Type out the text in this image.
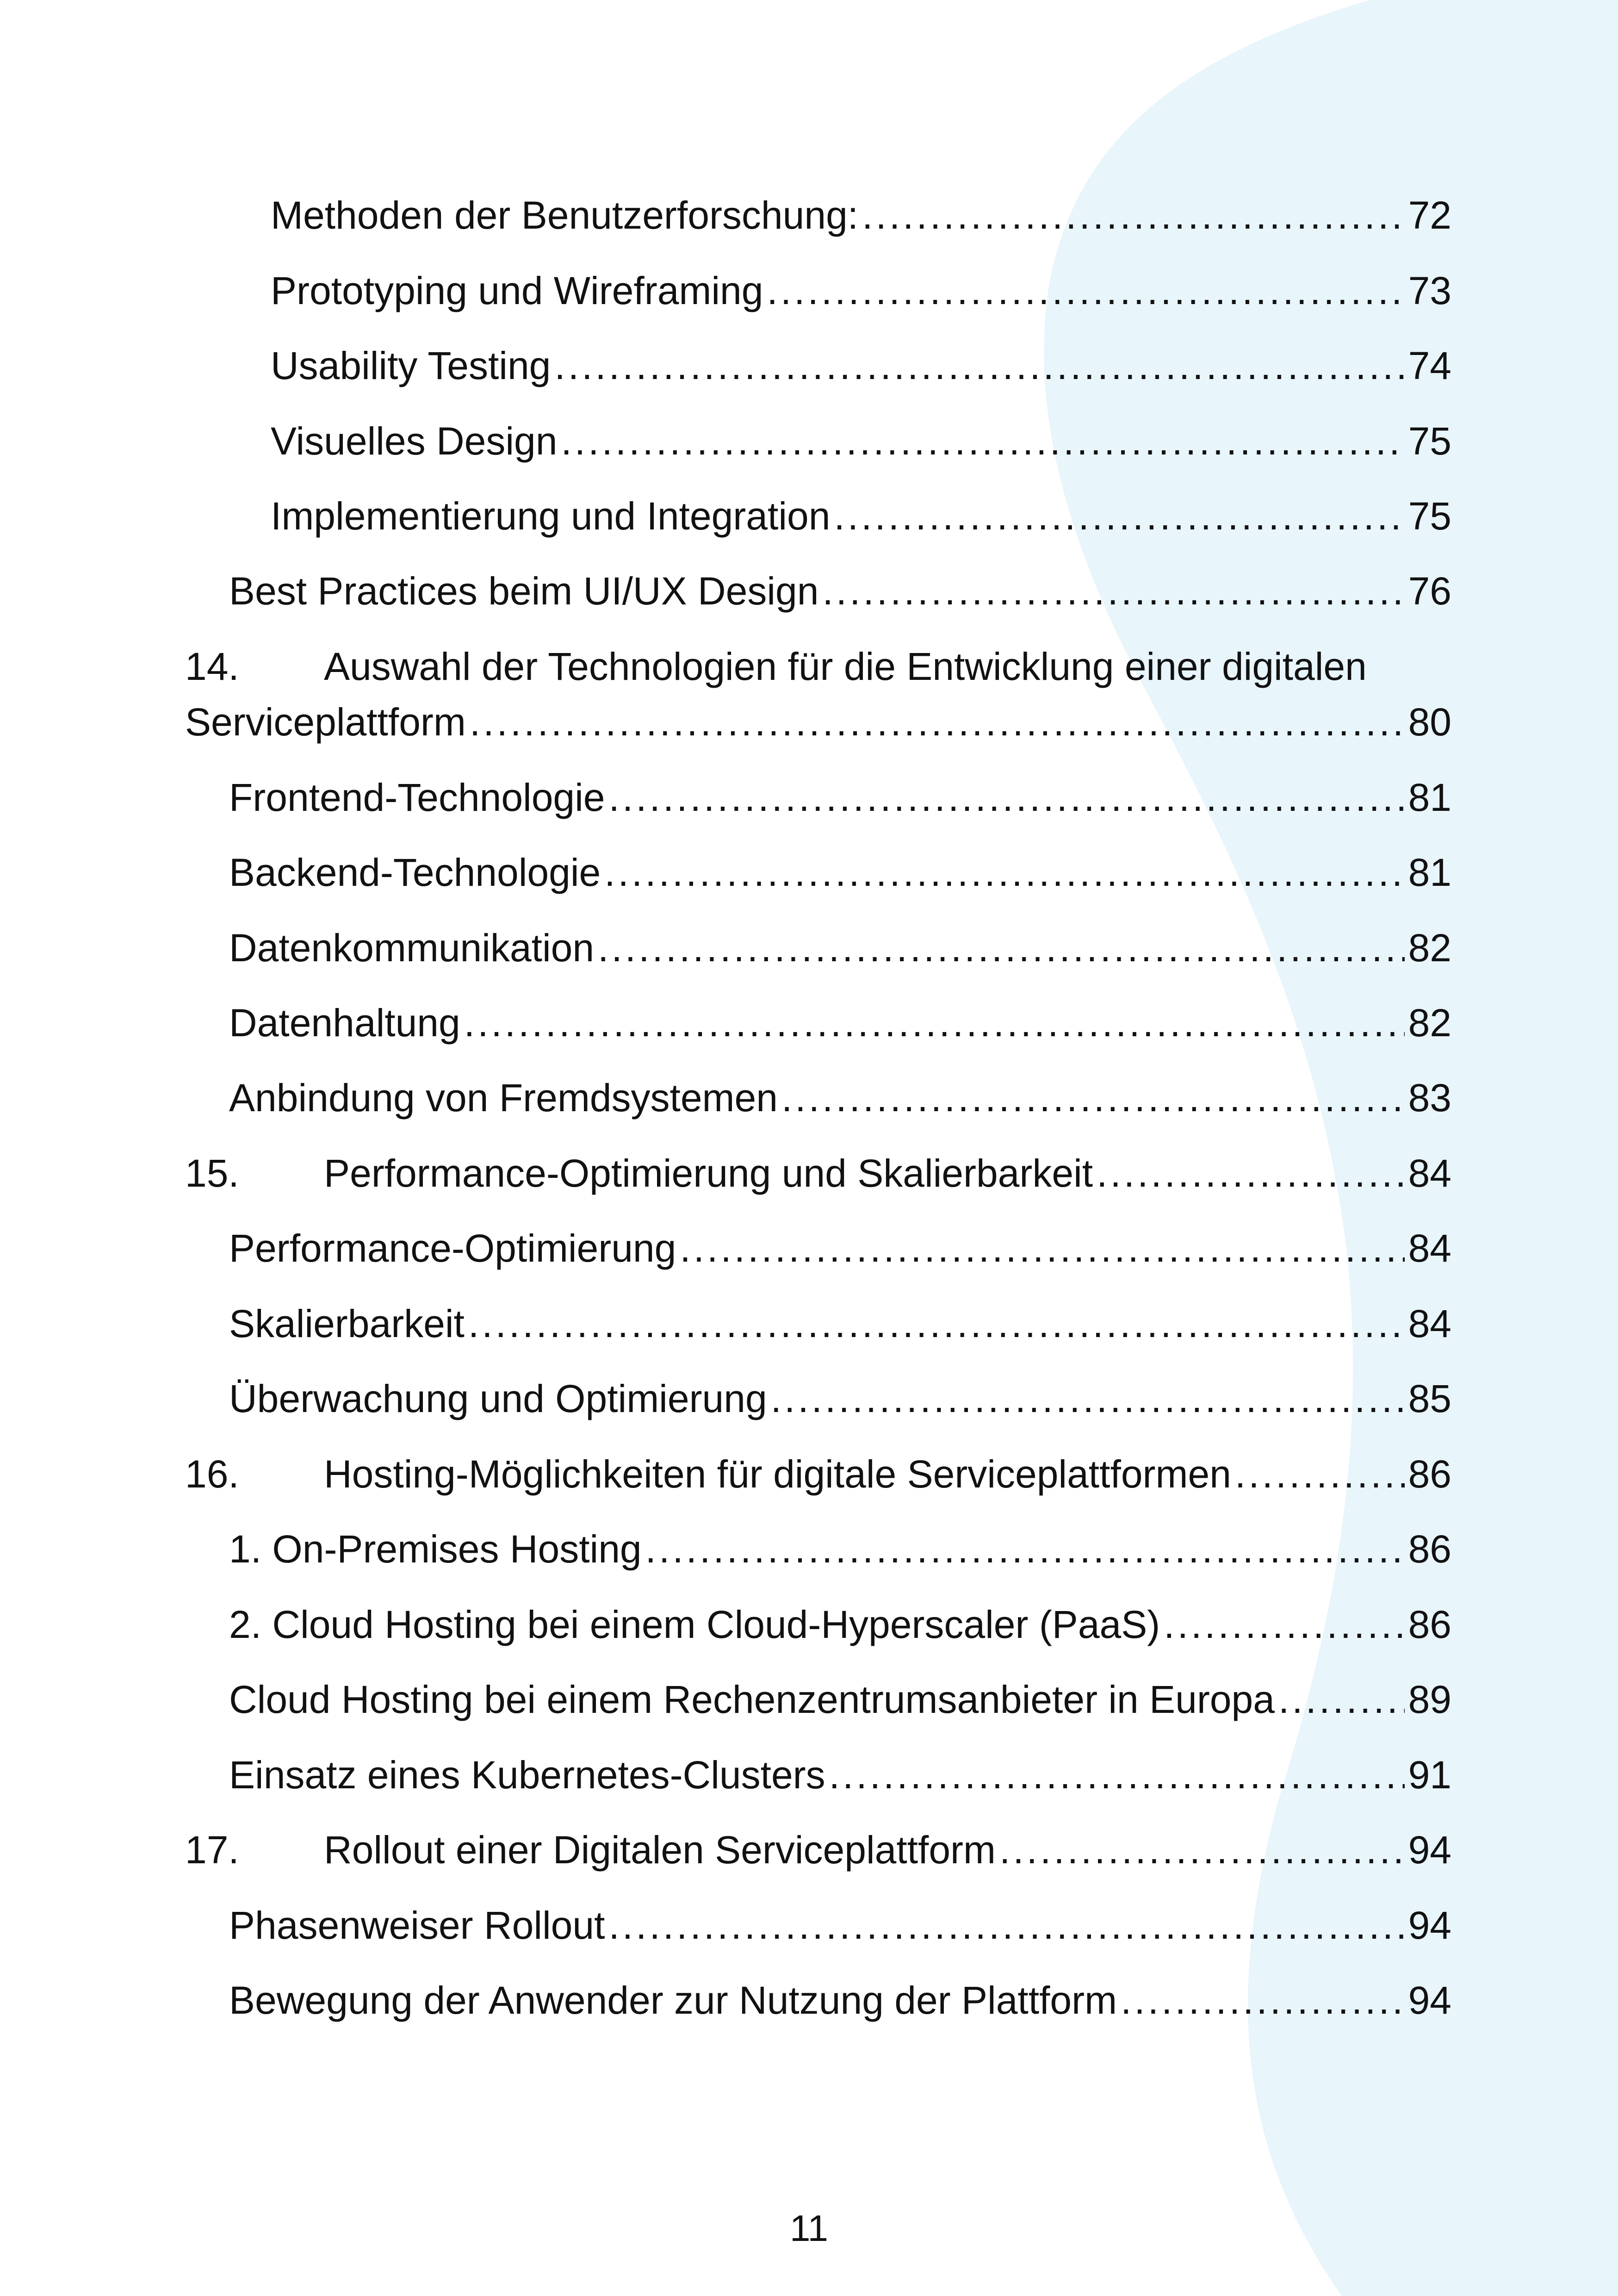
Methoden der Benutzerforschung: .....	72
Prototyping und Wireframing .....	73
Usability Testing .....	74
Visuelles Design .....	75
Implementierung und Integration .....	75
Best Practices beim UI/UX Design .....	76
14. Auswahl der Technologien für die Entwicklung einer digitalen
Serviceplattform .....	80
Frontend-Technologie .....	81
Backend-Technologie .....	81
Datenkommunikation .....	82
Datenhaltung .....	82
Anbindung von Fremdsystemen .....	83
15.	Performance-Optimierung und Skalierbarkeit .....	84
Performance-Optimierung .....	84
Skalierbarkeit .....	84
Überwachung und Optimierung .....	85
16.	Hosting-Möglichkeiten für digitale Serviceplattformen .....	86
1. On-Premises Hosting .....	86
2. Cloud Hosting bei einem Cloud-Hyperscaler (PaaS) .....	86
Cloud Hosting bei einem Rechenzentrumsanbieter in Europa .....	89
Einsatz eines Kubernetes-Clusters .....	91
17.	Rollout einer Digitalen Serviceplattform .....	94
Phasenweiser Rollout .....	94
Bewegung der Anwender zur Nutzung der Plattform .....	94
11
